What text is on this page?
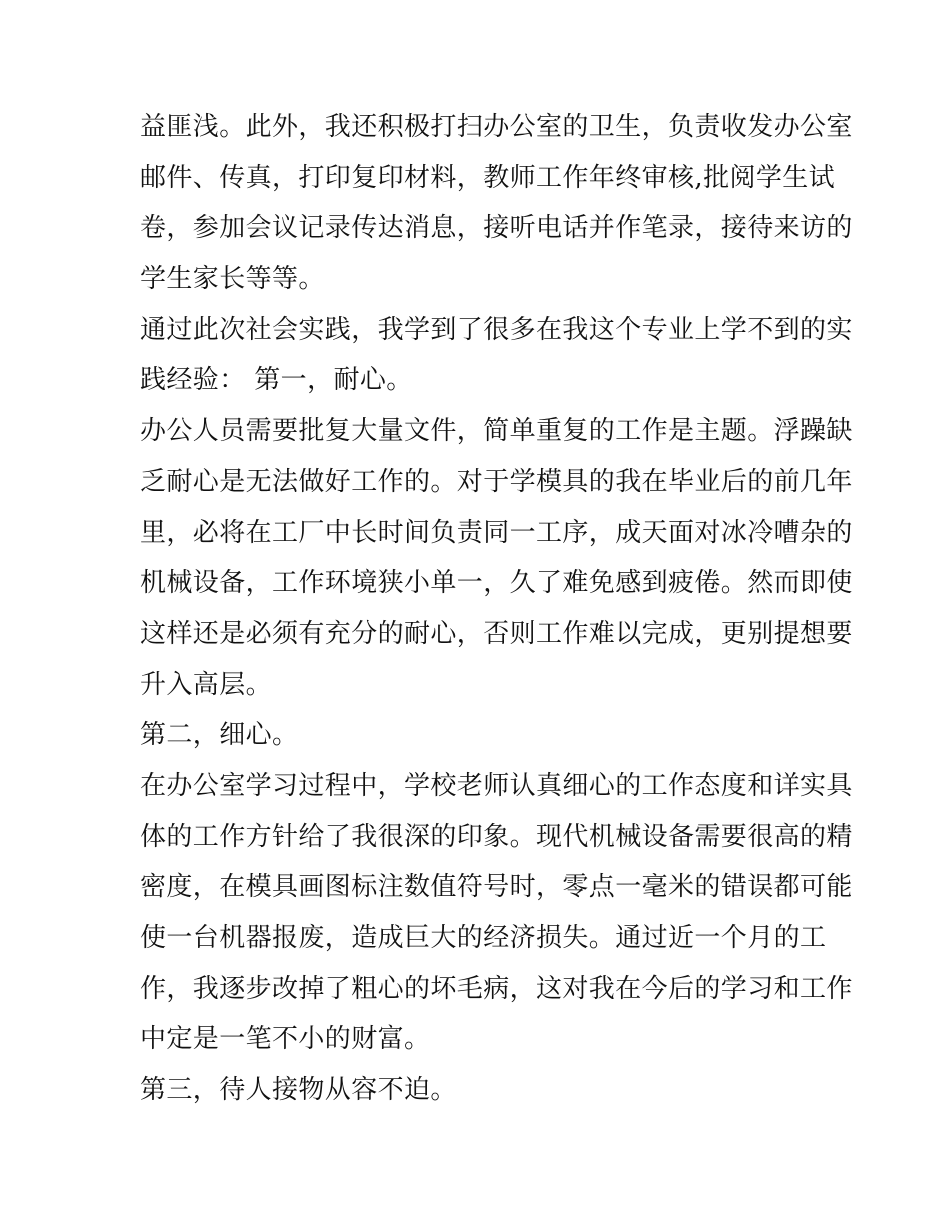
益匪浅。此外，我还积极打扫办公室的卫生，负责收发办公室
邮件、传真，打印复印材料，教师工作年终审核,批阅学生试
卷，参加会议记录传达消息，接听电话并作笔录，接待来访的
学生家长等等。
通过此次社会实践，我学到了很多在我这个专业上学不到的实
践经验： 第一，耐心。
办公人员需要批复大量文件，简单重复的工作是主题。浮躁缺
乏耐心是无法做好工作的。对于学模具的我在毕业后的前几年
里，必将在工厂中长时间负责同一工序，成天面对冰冷嘈杂的
机械设备，工作环境狭小单一，久了难免感到疲倦。然而即使
这样还是必须有充分的耐心，否则工作难以完成，更别提想要
升入高层。
第二，细心。
在办公室学习过程中，学校老师认真细心的工作态度和详实具
体的工作方针给了我很深的印象。现代机械设备需要很高的精
密度，在模具画图标注数值符号时，零点一毫米的错误都可能
使一台机器报废，造成巨大的经济损失。通过近一个月的工
作，我逐步改掉了粗心的坏毛病，这对我在今后的学习和工作
中定是一笔不小的财富。
第三，待人接物从容不迫。
